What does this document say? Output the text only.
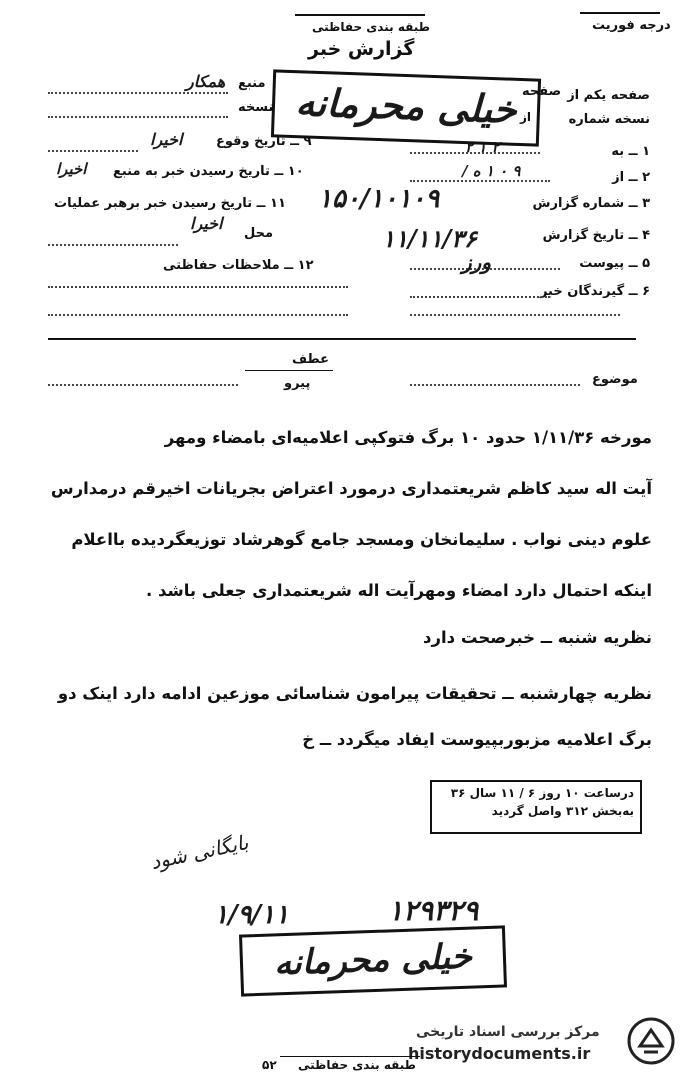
طبقه بندی حفاظتی
گزارش خبر
درجه فوریت
صفحه یکم از
نسخه شماره
۱ ــ به
۲ ۱ ۲
۲ ــ از
۹ ۰ ۱ ه /
۳ ــ شماره گزارش
۴ ــ تاریخ گزارش
۵ ــ پیوست
۶ ــ گیرندگان خبر
صفحه
از
منبع
نسخه
همکار
۹ ــ تاریخ وقوع
اخیرا
۱۰ ــ تاریخ رسیدن خبر به منبع
اخیرا
۱۱ ــ تاریخ رسیدن خبر برهبر عملیات
محل
اخیرا
۱۲ ــ ملاحظات حفاظتی
خیلی محرمانه
۱۵۰/۱۰۱۰۹
۱۱/۱۱/۳۶
ورز
عطف
پیرو	موضوع
مورخه ۱/۱۱/۳۶ حدود ۱۰ برگ فتوکپی اعلامیه‌ای بامضاء ومهر
آیت اله سید کاظم شریعتمداری درمورد اعتراض بجریانات اخیرقم درمدارس
علوم دینی نواب . سلیمانخان ومسجد جامع گوهرشاد توزیعگردیده بااعلام
اینکه احتمال دارد امضاء ومهرآیت اله شریعتمداری جعلی باشد .
نظریه شنبه ــ خبرصحت دارد
نظریه چهارشنبه ــ تحقیقات پیرامون شناسائی موزعین ادامه دارد اینک دو
برگ اعلامیه مزبوربپیوست ایفاد میگردد ــ خ
درساعت ۱۰ روز ۶ / ۱۱ سال ۳۶
به‌بخش ۳۱۲ واصل گردید
بایگانی شود
۱۲۹۳۲۹
۱/۹/۱۱
خیلی محرمانه
مرکز بررسی اسناد تاریخی
historydocuments.ir
طبقه بندی حفاظتی
۵۲
